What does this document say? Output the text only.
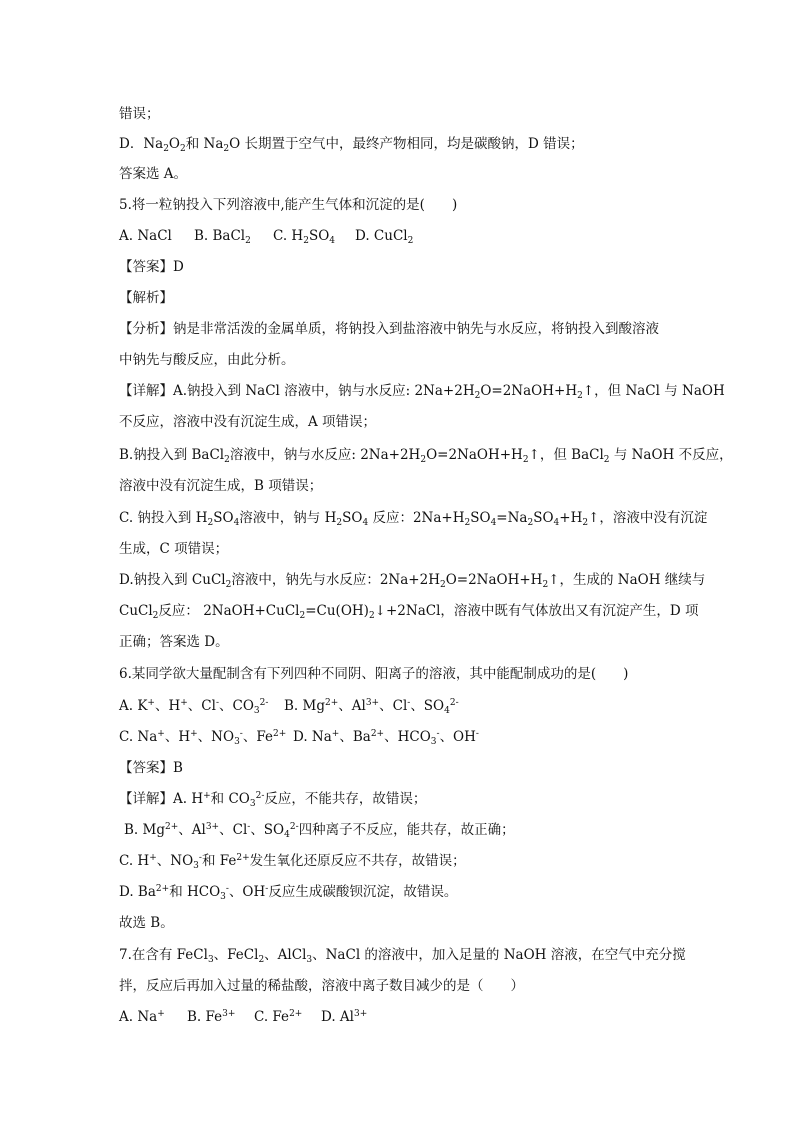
错误；
D．$Na_2O_2$和 $Na_2O$ 长期置于空气中，最终产物相同，均是碳酸钠，D 错误；
答案选 A。
5.将一粒钠投入下列溶液中,能产生气体和沉淀的是(　　)
A. NaCl B. BaCl$_2$ C. $H_2SO_4$ D. CuCl$_2$
【答案】D
【解析】
【分析】钠是非常活泼的金属单质，将钠投入到盐溶液中钠先与水反应，将钠投入到酸溶液
中钠先与酸反应，由此分析。
【详解】A.钠投入到 NaCl 溶液中，钠与水反应: $2Na+2H_2O=2NaOH+H_2↑$，但 NaCl 与 NaOH
不反应，溶液中没有沉淀生成，A 项错误；
B.钠投入到 BaCl$_2$溶液中，钠与水反应: $2Na+2H_2O=2NaOH+H_2↑$，但 BaCl$_2$ 与 NaOH 不反应，
溶液中没有沉淀生成，B 项错误；
C. 钠投入到 $H_2SO_4$溶液中，钠与 $H_2SO_4$ 反应：$2Na+H_2SO_4=Na_2SO_4+H_2↑$，溶液中没有沉淀
生成，C 项错误；
D.钠投入到 CuCl$_2$溶液中，钠先与水反应：$2Na+2H_2O=2NaOH+H_2↑$，生成的 NaOH 继续与
CuCl$_2$反应： $2NaOH+CuCl_2=Cu(OH)_2↓+2NaCl$，溶液中既有气体放出又有沉淀产生，D 项
正确；答案选 D。
6.某同学欲大量配制含有下列四种不同阴、阳离子的溶液，其中能配制成功的是(　　)
A. K+、H+、Cl-、$CO_3^{2-}$ B. $Mg^{2+}$、$Al^{3+}$、Cl-、$SO_4^{2-}$
C. Na+、H+、$NO_3^-$、$Fe^{2+}$ D. Na+、$Ba^{2+}$、$HCO_3^-$、OH-
【答案】B
【详解】A. H+和 $CO_3^{2-}$反应，不能共存，故错误；
B. $Mg^{2+}$、$Al^{3+}$、Cl-、$SO_4^{2-}$四种离子不反应，能共存，故正确；
C. H+、$NO_3^-$和 $Fe^{2+}$发生氧化还原反应不共存，故错误；
D. $Ba^{2+}$和 $HCO_3^-$、OH-反应生成碳酸钡沉淀，故错误。
故选 B。
7.在含有 FeCl$_3$、FeCl$_2$、AlCl$_3$、NaCl 的溶液中，加入足量的 NaOH 溶液，在空气中充分搅
拌，反应后再加入过量的稀盐酸，溶液中离子数目减少的是（　　）
A. Na+ B. $Fe^{3+}$ C. $Fe^{2+}$ D. $Al^{3+}$
